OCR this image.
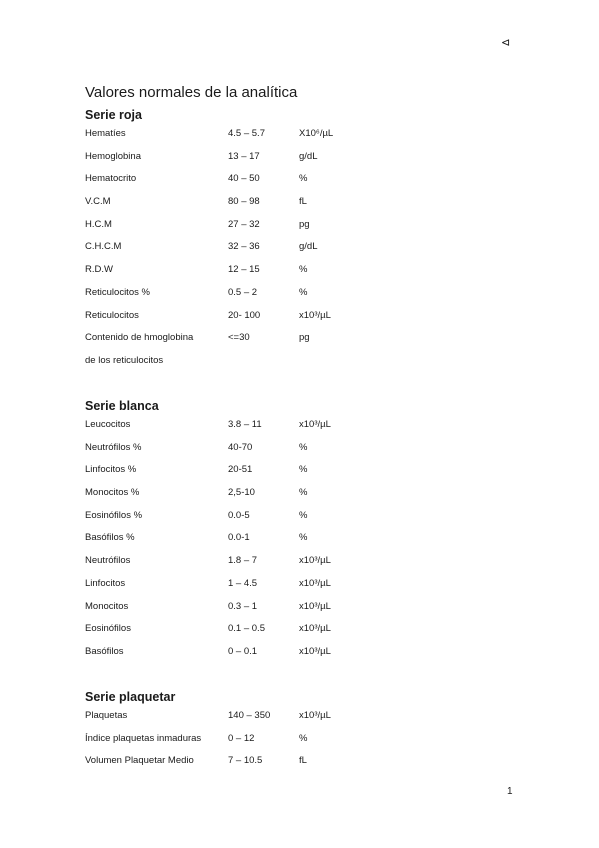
⊲
Valores normales de la analítica
Serie roja
Hematíes	4.5 – 5.7	X10⁶/µL
Hemoglobina	13 – 17	g/dL
Hematocrito	40 – 50	%
V.C.M	80 – 98	fL
H.C.M	27 – 32	pg
C.H.C.M	32 – 36	g/dL
R.D.W	12 – 15	%
Reticulocitos %	0.5 – 2	%
Reticulocitos	20- 100	x10³/µL
Contenido de hmoglobina	<=30	pg
de los reticulocitos
Serie blanca
Leucocitos	3.8 – 11	x10³/µL
Neutrófilos %	40-70	%
Linfocitos %	20-51	%
Monocitos %	2,5-10	%
Eosinófilos %	0.0-5	%
Basófilos %	0.0-1	%
Neutrófilos	1.8 – 7	x10³/µL
Linfocitos	1 – 4.5	x10³/µL
Monocitos	0.3 – 1	x10³/µL
Eosinófilos	0.1 – 0.5	x10³/µL
Basófilos	0 – 0.1	x10³/µL
Serie plaquetar
Plaquetas	140 – 350	x10³/µL
Índice plaquetas inmaduras	0 – 12	%
Volumen Plaquetar Medio	7 – 10.5	fL
1
